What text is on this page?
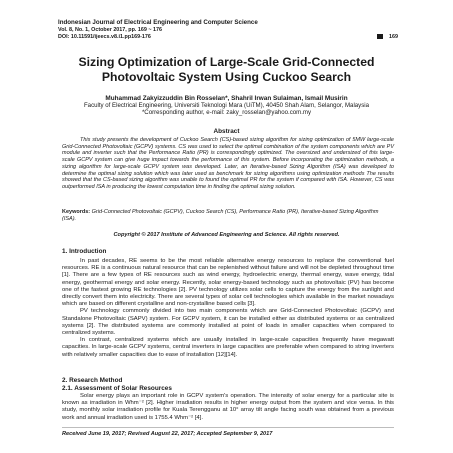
Indonesian Journal of Electrical Engineering and Computer Science
Vol. 8, No. 1, October 2017, pp. 169 ~ 176
DOI: 10.11591/ijeecs.v8.i1.pp169-176	169
Sizing Optimization of Large-Scale Grid-Connected
Photovoltaic System Using Cuckoo Search
Muhammad Zakyizzuddin Bin Rosselan*, Shahril Irwan Sulaiman, Ismail Musirin
Faculty of Electrical Engineering, Universiti Teknologi Mara (UiTM), 40450 Shah Alam, Selangor, Malaysia
*Corresponding author, e-mail: zaky_rosselan@yahoo.com.my
Abstract
This study presents the development of Cuckoo Search (CS)-based sizing algorithm for sizing optimization of 5MW large-scale Grid-Connected Photovoltaic (GCPV) systems. CS was used to select the optimal combination of the system components which are PV module and inverter such that the Performance Ratio (PR) is correspondingly optimized. The oversized and undersized of this large-scale GCPV system can give huge impact towards the performance of this system. Before incorporating the optimization methods, a sizing algorithm for large-scale GCPV system was developed. Later, an Iterative-based Sizing Algorithm (ISA) was developed to determine the optimal sizing solution which was later used as benchmark for sizing algorithms using optimization methods The results showed that the CS-based sizing algorithm was unable to found the optimal PR for the system if compared with ISA. However, CS was outperformed ISA in producing the lowest computation time in finding the optimal sizing solution.
Keywords: Grid-Connected Photovoltaic (GCPV), Cuckoo Search (CS), Performance Ratio (PR), Iterative-based Sizing Algorithm (ISA).
Copyright © 2017 Institute of Advanced Engineering and Science. All rights reserved.
1. Introduction

In past decades, RE seems to be the most reliable alternative energy resources to replace the conventional fuel resources. RE is a continuous natural resource that can be replenished without failure and will not be depleted throughout time [1]. There are a few types of RE resources such as wind energy, hydroelectric energy, thermal energy, wave energy, tidal energy, geothermal energy and solar energy. Recently, solar energy-based technology such as photovoltaic (PV) has become one of the fastest growing RE technologies [2]. PV technology utilizes solar cells to capture the energy from the sunlight and directly convert them into electricity. There are several types of solar cell technologies which available in the market nowadays which are based on different crystalline and non-crystalline based cells [3].

PV technology commonly divided into two main components which are Grid-Connected Photovoltaic (GCPV) and Standalone Photovoltaic (SAPV) system. For GCPV system, it can be installed either as distributed systems or as centralized systems [2]. The distributed systems are commonly installed at point of loads in smaller capacities when compared to centralized systems.

In contrast, centralized systems which are usually installed in large-scale capacities frequently have megawatt capacities. In large-scale GCPV systems, central inverters in large capacities are preferable when compared to string inverters with relatively smaller capacities due to ease of installation [12][14].

2. Research Method
2.1. Assessment of Solar Resources

Solar energy plays an important role in GCPV system's operation. The intensity of solar energy for a particular site is known as irradiation in Whm⁻² [2]. Higher irradiation results in higher energy output from the system and vice versa. In this study, monthly solar irradiation profile for Kuala Terengganu at 10° array tilt angle facing south was obtained from a previous work and annual irradiation used is 1755.4 Whm⁻² [4].

Received June 19, 2017; Revised August 22, 2017; Accepted September 9, 2017
